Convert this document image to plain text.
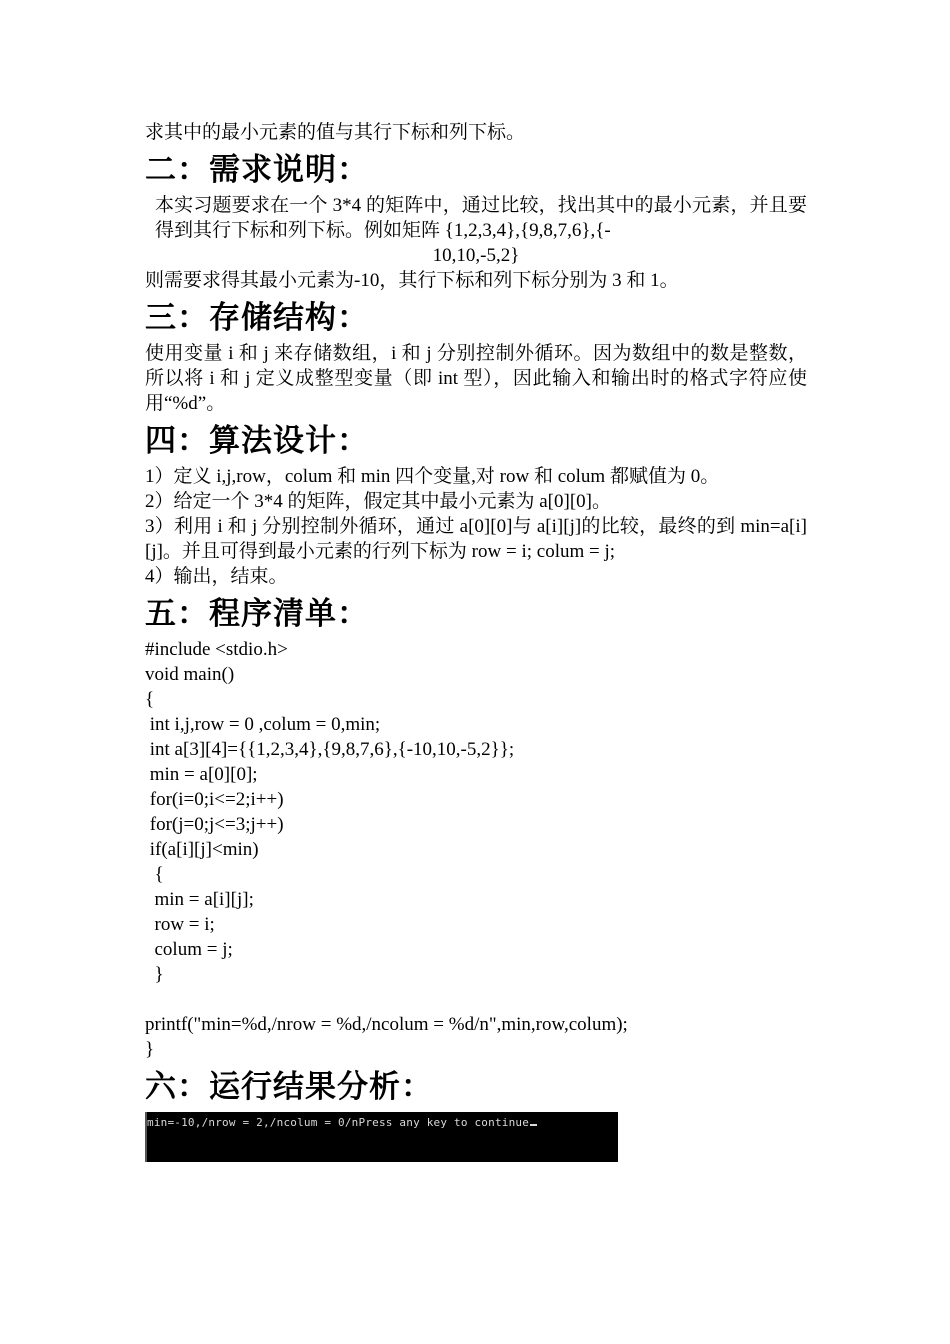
求其中的最小元素的值与其行下标和列下标。

二：需求说明：

本实习题要求在一个 3*4 的矩阵中，通过比较，找出其中的最小元素，并且要得到其行下标和列下标。例如矩阵 {1,2,3,4},{9,8,7,6},{-

10,10,-5,2}

则需要求得其最小元素为-10，其行下标和列下标分别为 3 和 1。

三：存储结构：

使用变量 i 和 j 来存储数组，i 和 j 分别控制外循环。因为数组中的数是整数，所以将 i 和 j 定义成整型变量（即 int 型），因此输入和输出时的格式字符应使用“%d”。

四：算法设计：

1）定义 i,j,row，colum 和 min 四个变量,对 row 和 colum 都赋值为 0。

2）给定一个 3*4 的矩阵，假定其中最小元素为 a[0][0]。

3）利用 i 和 j 分别控制外循环，通过 a[0][0]与 a[i][j]的比较，最终的到 min=a[i][j]。并且可得到最小元素的行列下标为 row = i; colum = j;

4）输出，结束。

五：程序清单：
#include <stdio.h>
void main()
{
int i,j,row = 0 ,colum = 0,min;
int a[3][4]={{1,2,3,4},{9,8,7,6},{-10,10,-5,2}};
min = a[0][0];
for(i=0;i<=2;i++)
for(j=0;j<=3;j++)
if(a[i][j]<min)
{
min = a[i][j];
row = i;
colum = j;
}

printf("min=%d,/nrow = %d,/ncolum = %d/n",min,row,colum);
}
六：运行结果分析：
min=-10,/nrow = 2,/ncolum = 0/nPress any key to continue
